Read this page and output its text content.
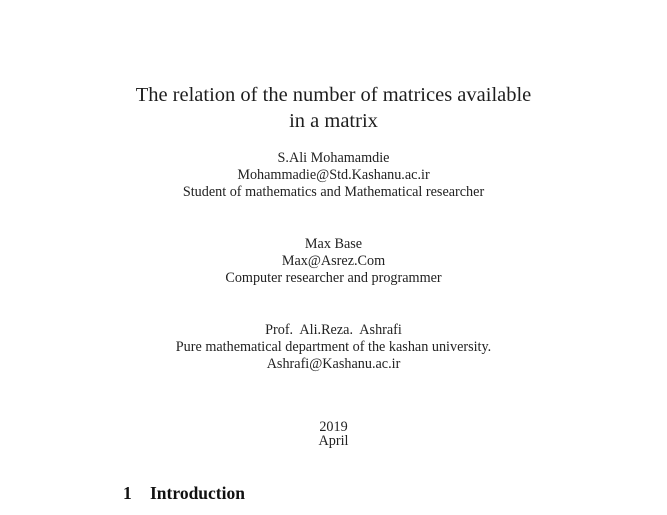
The relation of the number of matrices available
in a matrix
S.Ali Mohamamdie
Mohammadie@Std.Kashanu.ac.ir
Student of mathematics and Mathematical researcher
Max Base
Max@Asrez.Com
Computer researcher and programmer
Prof.  Ali.Reza.  Ashrafi
Pure mathematical department of the kashan university.
Ashrafi@Kashanu.ac.ir
2019
April
1 Introduction
